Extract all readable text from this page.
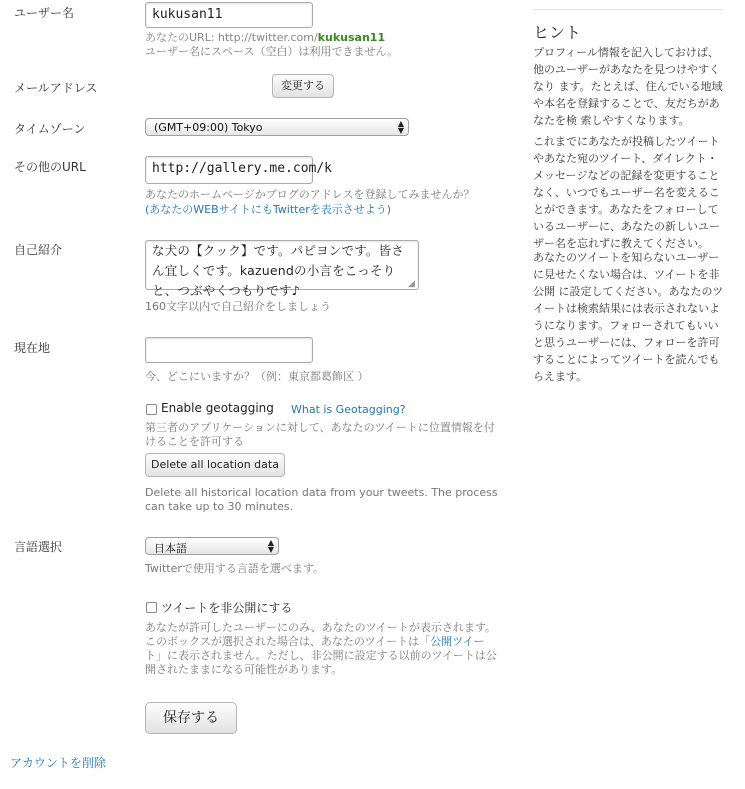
ユーザー名	kukusan11
あなたのURL: http://twitter.com/kukusan11
ユーザー名にスペース（空白）は利用できません。
メールアドレス	変更する
タイムゾーン	(GMT+09:00) Tokyo	▲
▼
その他のURL	http://gallery.me.com/k
あなたのホームページかブログのアドレスを登録してみませんか？
(あなたのWEBサイトにもTwitterを表示させよう)
自己紹介	な犬の【クック】です。パピヨンです。皆さん宜しくです。kazuendの小言をこっそりと、つぶやくつもりです♪	◢
160文字以内で自己紹介をしましょう
現在地
今、どこにいますか？（例：東京都葛飾区 ）
Enable geotagging What is Geotagging?
第三者のアプリケーションに対して、あなたのツイートに位置情報を付
けることを許可する
Delete all location data
Delete all historical location data from your tweets. The process
can take up to 30 minutes.
言語選択	日本語	▲
▼
Twitterで使用する言語を選べます。
ツイートを非公開にする
あなたが許可したユーザーにのみ、あなたのツイートが表示されます。
このボックスが選択された場合は、あなたのツイートは「公開ツイー
ト」に表示されません。ただし、非公開に設定する以前のツイートは公
開されたままになる可能性があります。
保存する
アカウントを削除
ヒント
プロフィール情報を記入しておけば、
他のユーザーがあなたを見つけやすく
なり ます。たとえば、住んでいる地域
や本名を登録することで、友だちがあ
なたを検 索しやすくなります。
これまでにあなたが投稿したツイート
やあなた宛のツイート、ダイレクト・
メッセージなどの記録を変更すること
なく、いつでもユーザー名を変えるこ
とができます。あなたをフォローして
いるユーザーに、あなたの新しいユー
ザー名を忘れずに教えてください。
あなたのツイートを知らないユーザー
に見せたくない場合は、ツイートを非
公開 に設定してください。あなたのツ
イートは検索結果には表示されないよ
うになります。フォローされてもいい
と思うユーザーには、フォローを許可
することによってツイートを読んでも
らえます。
